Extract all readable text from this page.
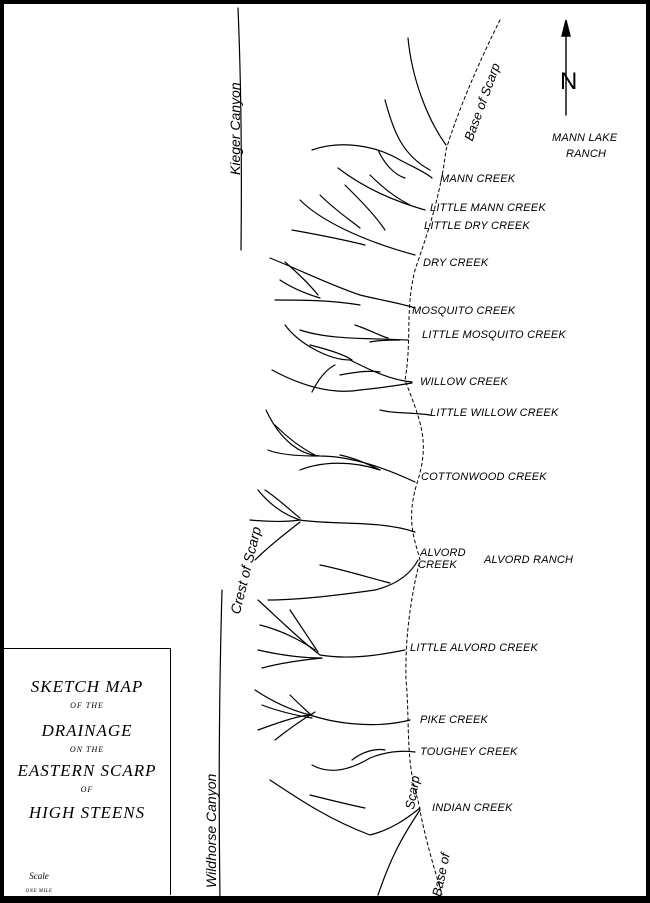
MANN CREEK
LITTLE MANN CREEK
LITTLE DRY CREEK
DRY CREEK
MOSQUITO CREEK
LITTLE MOSQUITO CREEK
WILLOW CREEK
LITTLE WILLOW CREEK
COTTONWOOD CREEK
ALVORD
CREEK
LITTLE ALVORD CREEK
PIKE CREEK
TOUGHEY CREEK
INDIAN CREEK
MANN LAKE
RANCH
ALVORD RANCH
N
Kieger Canyon
Wildhorse Canyon
Crest of Scarp
Base of Scarp
Base of
Scarp
SKETCH MAP
OF THE
DRAINAGE
ON THE
EASTERN SCARP
OF
HIGH STEENS
Scale
ONE MILE
